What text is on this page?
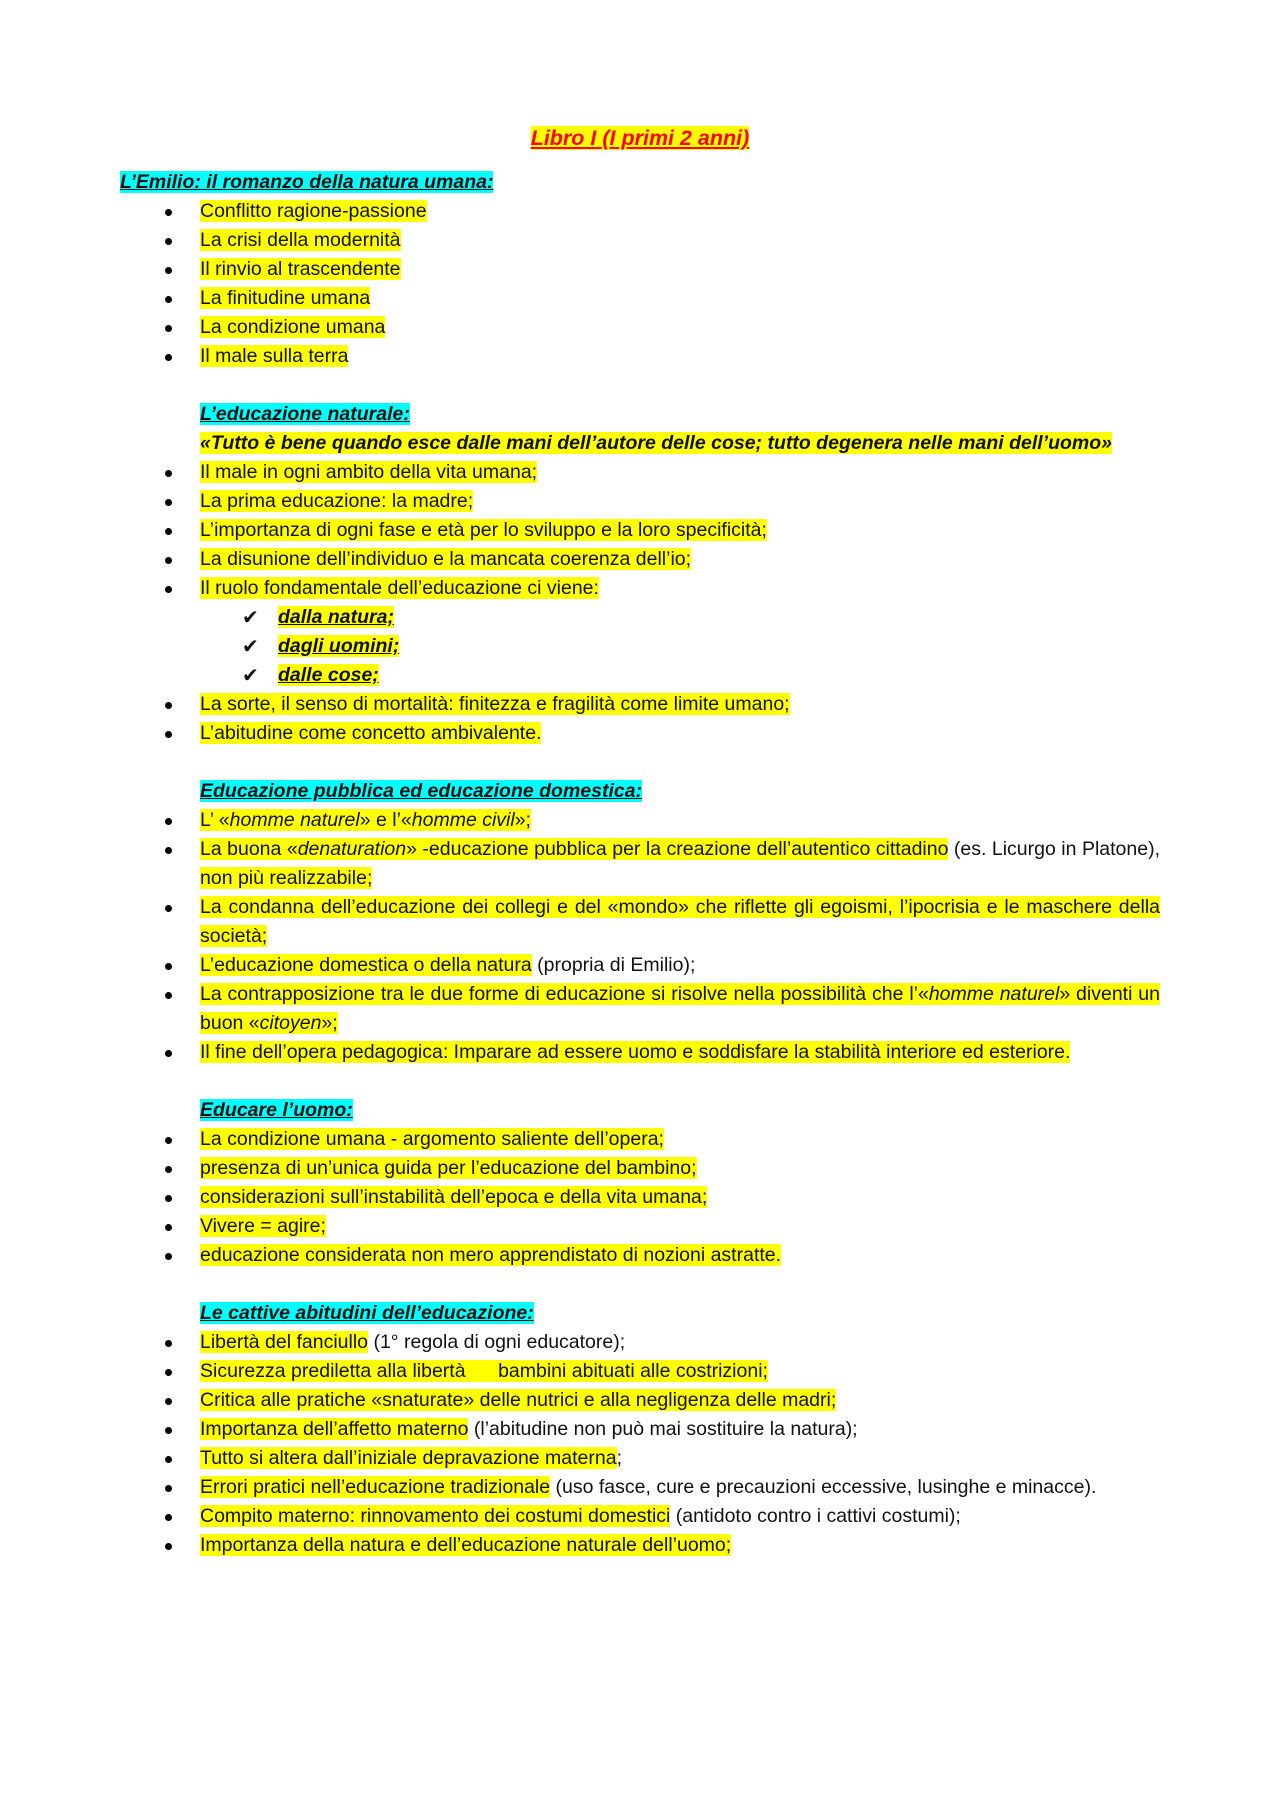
Libro I (I primi 2 anni)
L’Emilio: il romanzo della natura umana:
Conflitto ragione-passione
La crisi della modernità
Il rinvio al trascendente
La finitudine umana
La condizione umana
Il male sulla terra
L’educazione naturale:
«Tutto è bene quando esce dalle mani dell’autore delle cose; tutto degenera nelle mani dell’uomo»
Il male in ogni ambito della vita umana;
La prima educazione: la madre;
L’importanza di ogni fase e età per lo sviluppo e la loro specificità;
La disunione dell’individuo e la mancata coerenza dell’io;
Il ruolo fondamentale dell’educazione ci viene:
✔ dalla natura;
✔ dagli uomini;
✔ dalle cose;
La sorte, il senso di mortalità: finitezza e fragilità come limite umano;
L’abitudine come concetto ambivalente.
Educazione pubblica ed educazione domestica:
L’ «homme naturel» e l’«homme civil»;
La buona «denaturation» -educazione pubblica per la creazione dell’autentico cittadino (es. Licurgo in Platone), non più realizzabile;
La condanna dell’educazione dei collegi e del «mondo» che riflette gli egoismi, l’ipocrisia e le maschere della società;
L’educazione domestica o della natura (propria di Emilio);
La contrapposizione tra le due forme di educazione si risolve nella possibilità che l’«homme naturel» diventi un buon «citoyen»;
Il fine dell’opera pedagogica: Imparare ad essere uomo e soddisfare la stabilità interiore ed esteriore.
Educare l’uomo:
La condizione umana - argomento saliente dell’opera;
presenza di un’unica guida per l’educazione del bambino;
considerazioni sull’instabilità dell’epoca e della vita umana;
Vivere = agire;
educazione considerata non mero apprendistato di nozioni astratte.
Le cattive abitudini dell’educazione:
Libertà del fanciullo (1° regola di ogni educatore);
Sicurezza prediletta alla libertà      bambini abituati alle costrizioni;
Critica alle pratiche «snaturate» delle nutrici e alla negligenza delle madri;
Importanza dell’affetto materno (l’abitudine non può mai sostituire la natura);
Tutto si altera dall’iniziale depravazione materna;
Errori pratici nell’educazione tradizionale (uso fasce, cure e precauzioni eccessive, lusinghe e minacce).
Compito materno: rinnovamento dei costumi domestici (antidoto contro i cattivi costumi);
Importanza della natura e dell’educazione naturale dell’uomo;
